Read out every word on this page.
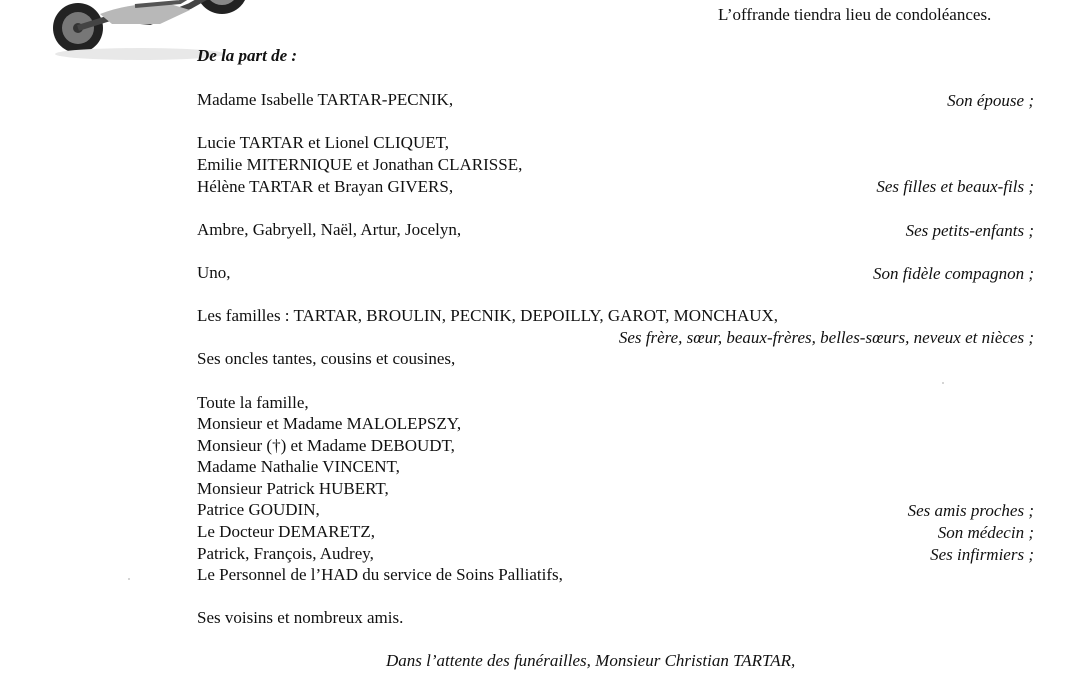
L’offrande tiendra lieu de condoléances.
De la part de :
Madame Isabelle TARTAR-PECNIK,	Son épouse ;
Lucie TARTAR et Lionel CLIQUET,
Emilie MITERNIQUE et Jonathan CLARISSE,
Hélène TARTAR et Brayan GIVERS,	Ses filles et beaux-fils ;
Ambre, Gabryell, Naël, Artur, Jocelyn,	Ses petits-enfants ;
Uno,	Son fidèle compagnon ;
Les familles : TARTAR, BROULIN, PECNIK, DEPOILLY, GAROT, MONCHAUX,
Ses frère, sœur, beaux-frères, belles-sœurs, neveux et nièces ;
Ses oncles tantes, cousins et cousines,
Toute la famille,
Monsieur et Madame MALOLEPSZY,
Monsieur (†) et Madame DEBOUDT,
Madame Nathalie VINCENT,
Monsieur Patrick HUBERT,
Patrice GOUDIN,	Ses amis proches ;
Le Docteur DEMARETZ,	Son médecin ;
Patrick, François, Audrey,	Ses infirmiers ;
Le Personnel de l’HAD du service de Soins Palliatifs,
Ses voisins et nombreux amis.
Dans l’attente des funérailles, Monsieur Christian TARTAR,
